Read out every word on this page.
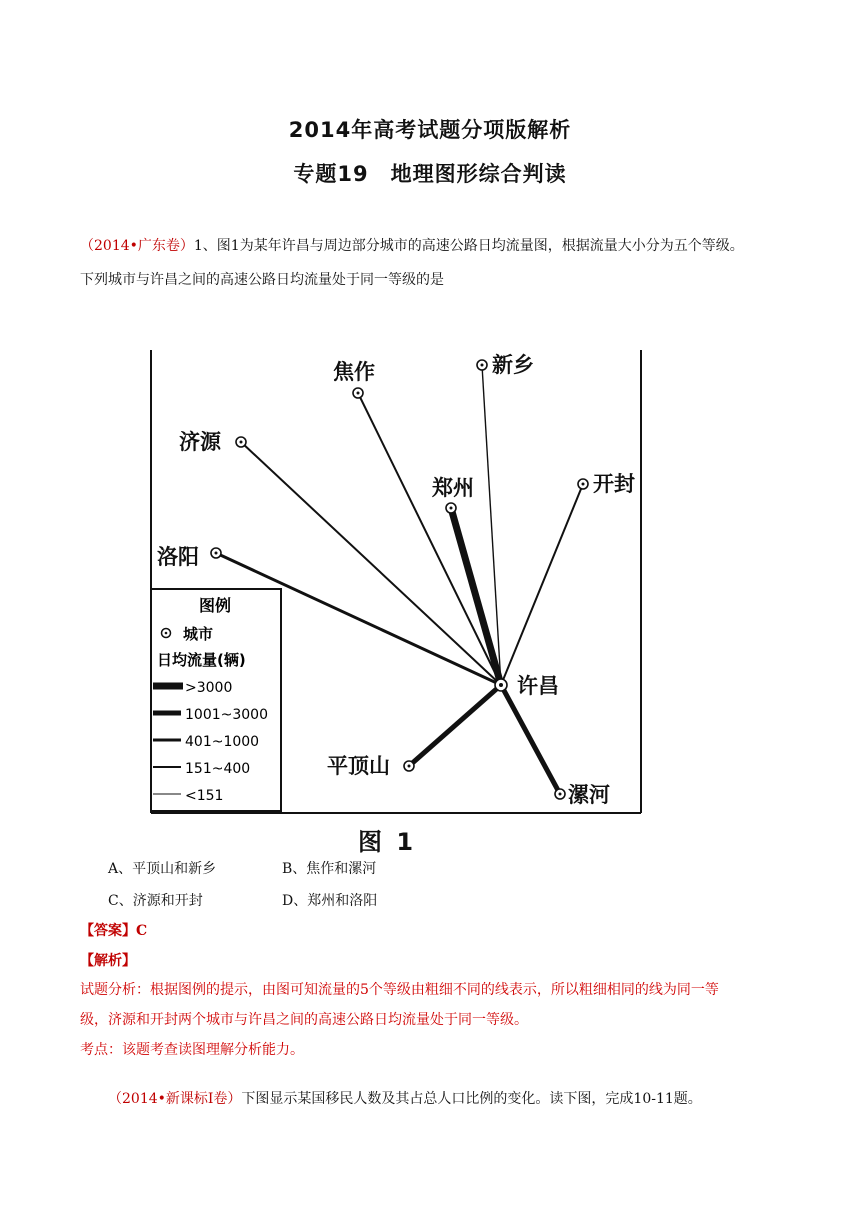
2014年高考试题分项版解析
专题19　地理图形综合判读
（2014•广东卷）1、图1为某年许昌与周边部分城市的高速公路日均流量图，根据流量大小分为五个等级。
下列城市与许昌之间的高速公路日均流量处于同一等级的是
新乡
焦作
济源
开封
郑州
洛阳
许昌
平顶山
漯河
图例
城市
日均流量(辆)
>3000
1001~3000
401~1000
151~400
<151
图 1
A、平顶山和新乡	B、焦作和漯河
C、济源和开封	D、郑州和洛阳
【答案】C
【解析】
试题分析：根据图例的提示，由图可知流量的5个等级由粗细不同的线表示，所以粗细相同的线为同一等
级，济源和开封两个城市与许昌之间的高速公路日均流量处于同一等级。
考点：该题考查读图理解分析能力。
（2014•新课标Ⅰ卷）下图显示某国移民人数及其占总人口比例的变化。读下图，完成10-11题。
